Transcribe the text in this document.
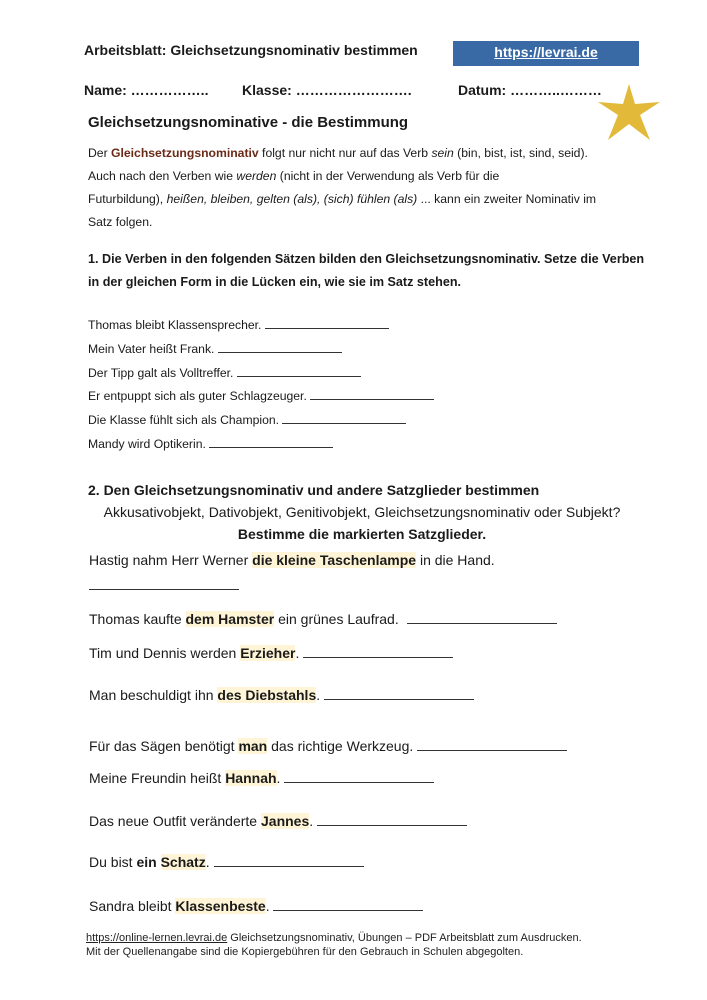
Arbeitsblatt: Gleichsetzungsnominativ bestimmen	https://levrai.de
Name: …………….. Klasse: …………………….	Datum: ………..………
Gleichsetzungsnominative - die Bestimmung
Der Gleichsetzungsnominativ folgt nur nicht nur auf das Verb sein (bin, bist, ist, sind, seid).
Auch nach den Verben wie werden (nicht in der Verwendung als Verb für die
Futurbildung), heißen, bleiben, gelten (als), (sich) fühlen (als) ... kann ein zweiter Nominativ im
Satz folgen.
1. Die Verben in den folgenden Sätzen bilden den Gleichsetzungsnominativ. Setze die Verben in der gleichen Form in die Lücken ein, wie sie im Satz stehen.
Thomas bleibt Klassensprecher.
Mein Vater heißt Frank.
Der Tipp galt als Volltreffer.
Er entpuppt sich als guter Schlagzeuger.
Die Klasse fühlt sich als Champion.
Mandy wird Optikerin.
2. Den Gleichsetzungsnominativ und andere Satzglieder bestimmen
Akkusativobjekt, Dativobjekt, Genitivobjekt, Gleichsetzungsnominativ oder Subjekt?
Bestimme die markierten Satzglieder.
Hastig nahm Herr Werner die kleine Taschenlampe in die Hand.
Thomas kaufte dem Hamster ein grünes Laufrad.
Tim und Dennis werden Erzieher.
Man beschuldigt ihn des Diebstahls.
Für das Sägen benötigt man das richtige Werkzeug.
Meine Freundin heißt Hannah.
Das neue Outfit veränderte Jannes.
Du bist ein Schatz.
Sandra bleibt Klassenbeste.
https://online-lernen.levrai.de Gleichsetzungsnominativ, Übungen – PDF Arbeitsblatt zum Ausdrucken.
Mit der Quellenangabe sind die Kopiergebühren für den Gebrauch in Schulen abgegolten.
